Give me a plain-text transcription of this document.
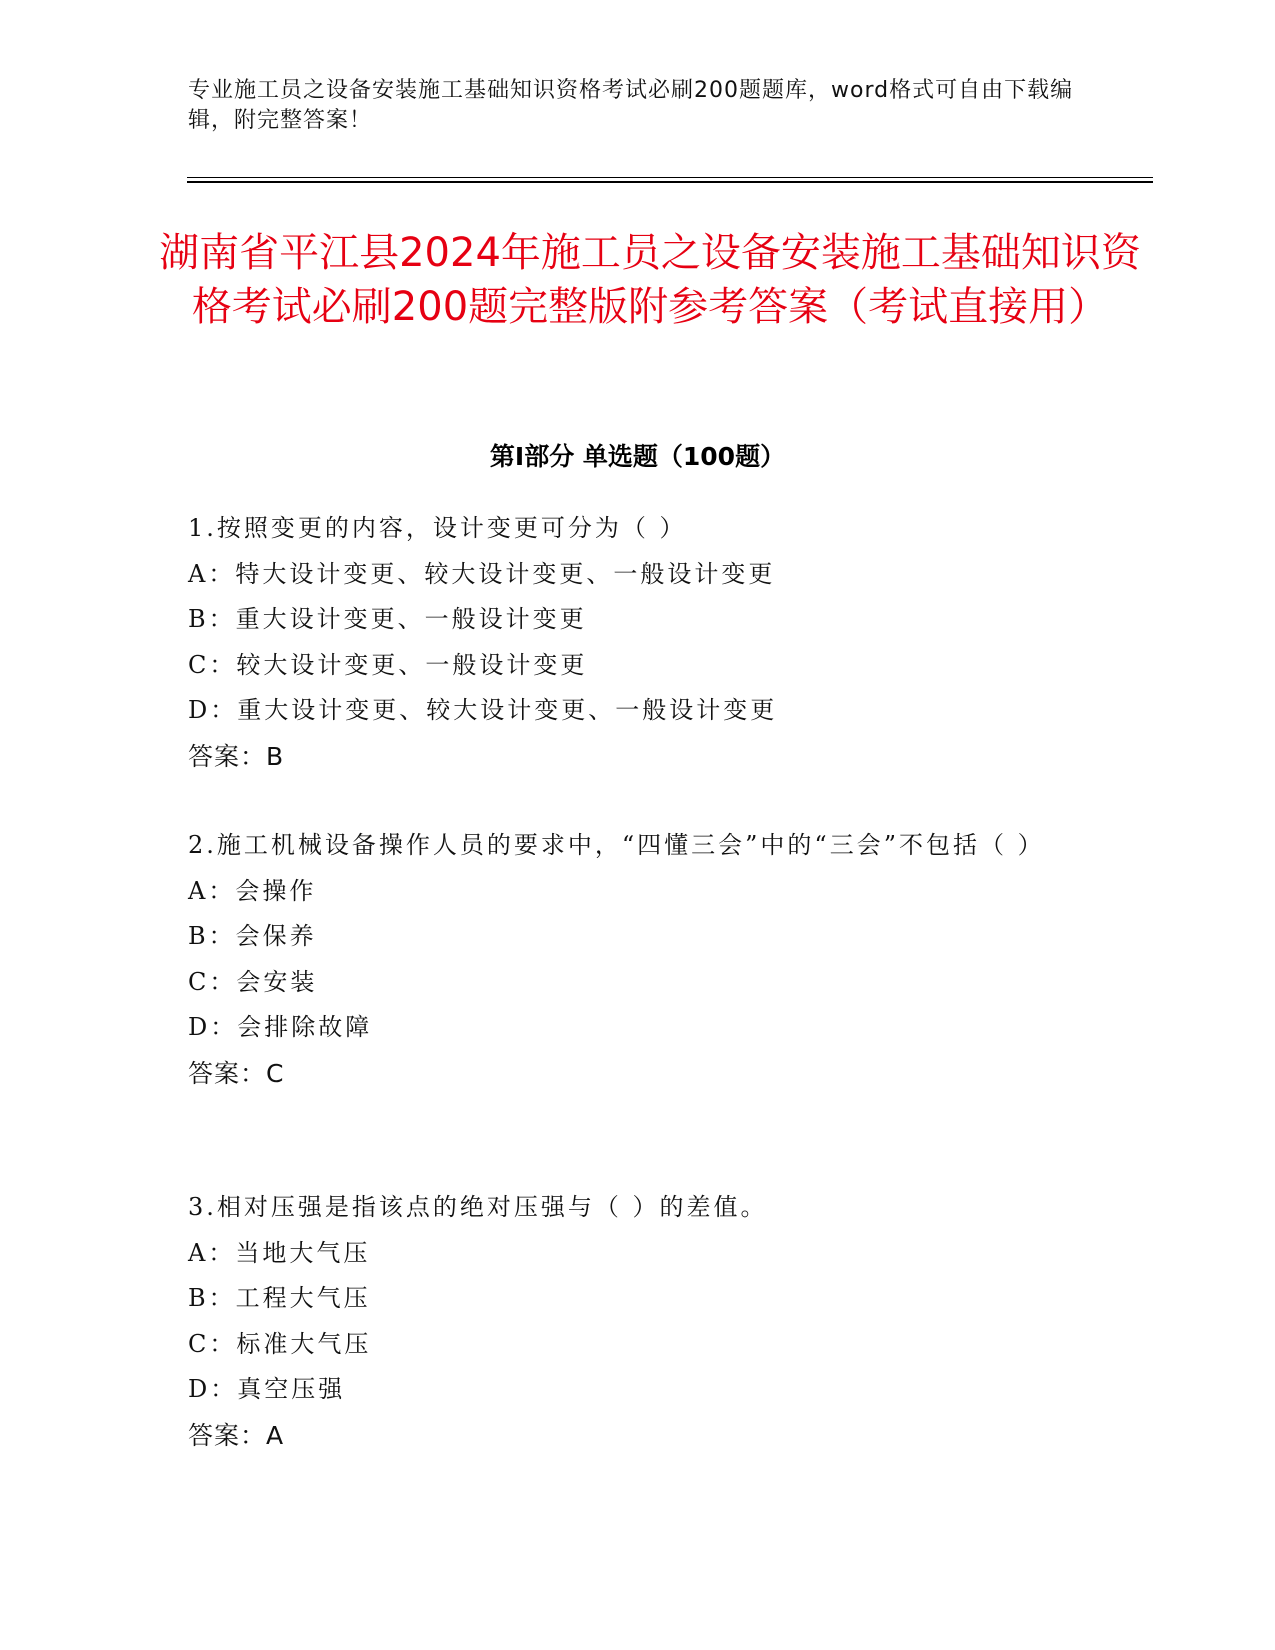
专业施工员之设备安装施工基础知识资格考试必刷200题题库，word格式可自由下载编辑，附完整答案！
湖南省平江县2024年施工员之设备安装施工基础知识资格考试必刷200题完整版附参考答案（考试直接用）
第Ⅰ部分 单选题（100题）

1.按照变更的内容，设计变更可分为（ ）

A：特大设计变更、较大设计变更、一般设计变更

B：重大设计变更、一般设计变更

C：较大设计变更、一般设计变更

D：重大设计变更、较大设计变更、一般设计变更

答案：B

2.施工机械设备操作人员的要求中，“四懂三会”中的“三会”不包括（ ）

A：会操作

B：会保养

C：会安装

D：会排除故障

答案：C

3.相对压强是指该点的绝对压强与（ ）的差值。

A：当地大气压

B：工程大气压

C：标准大气压

D：真空压强

答案：A
